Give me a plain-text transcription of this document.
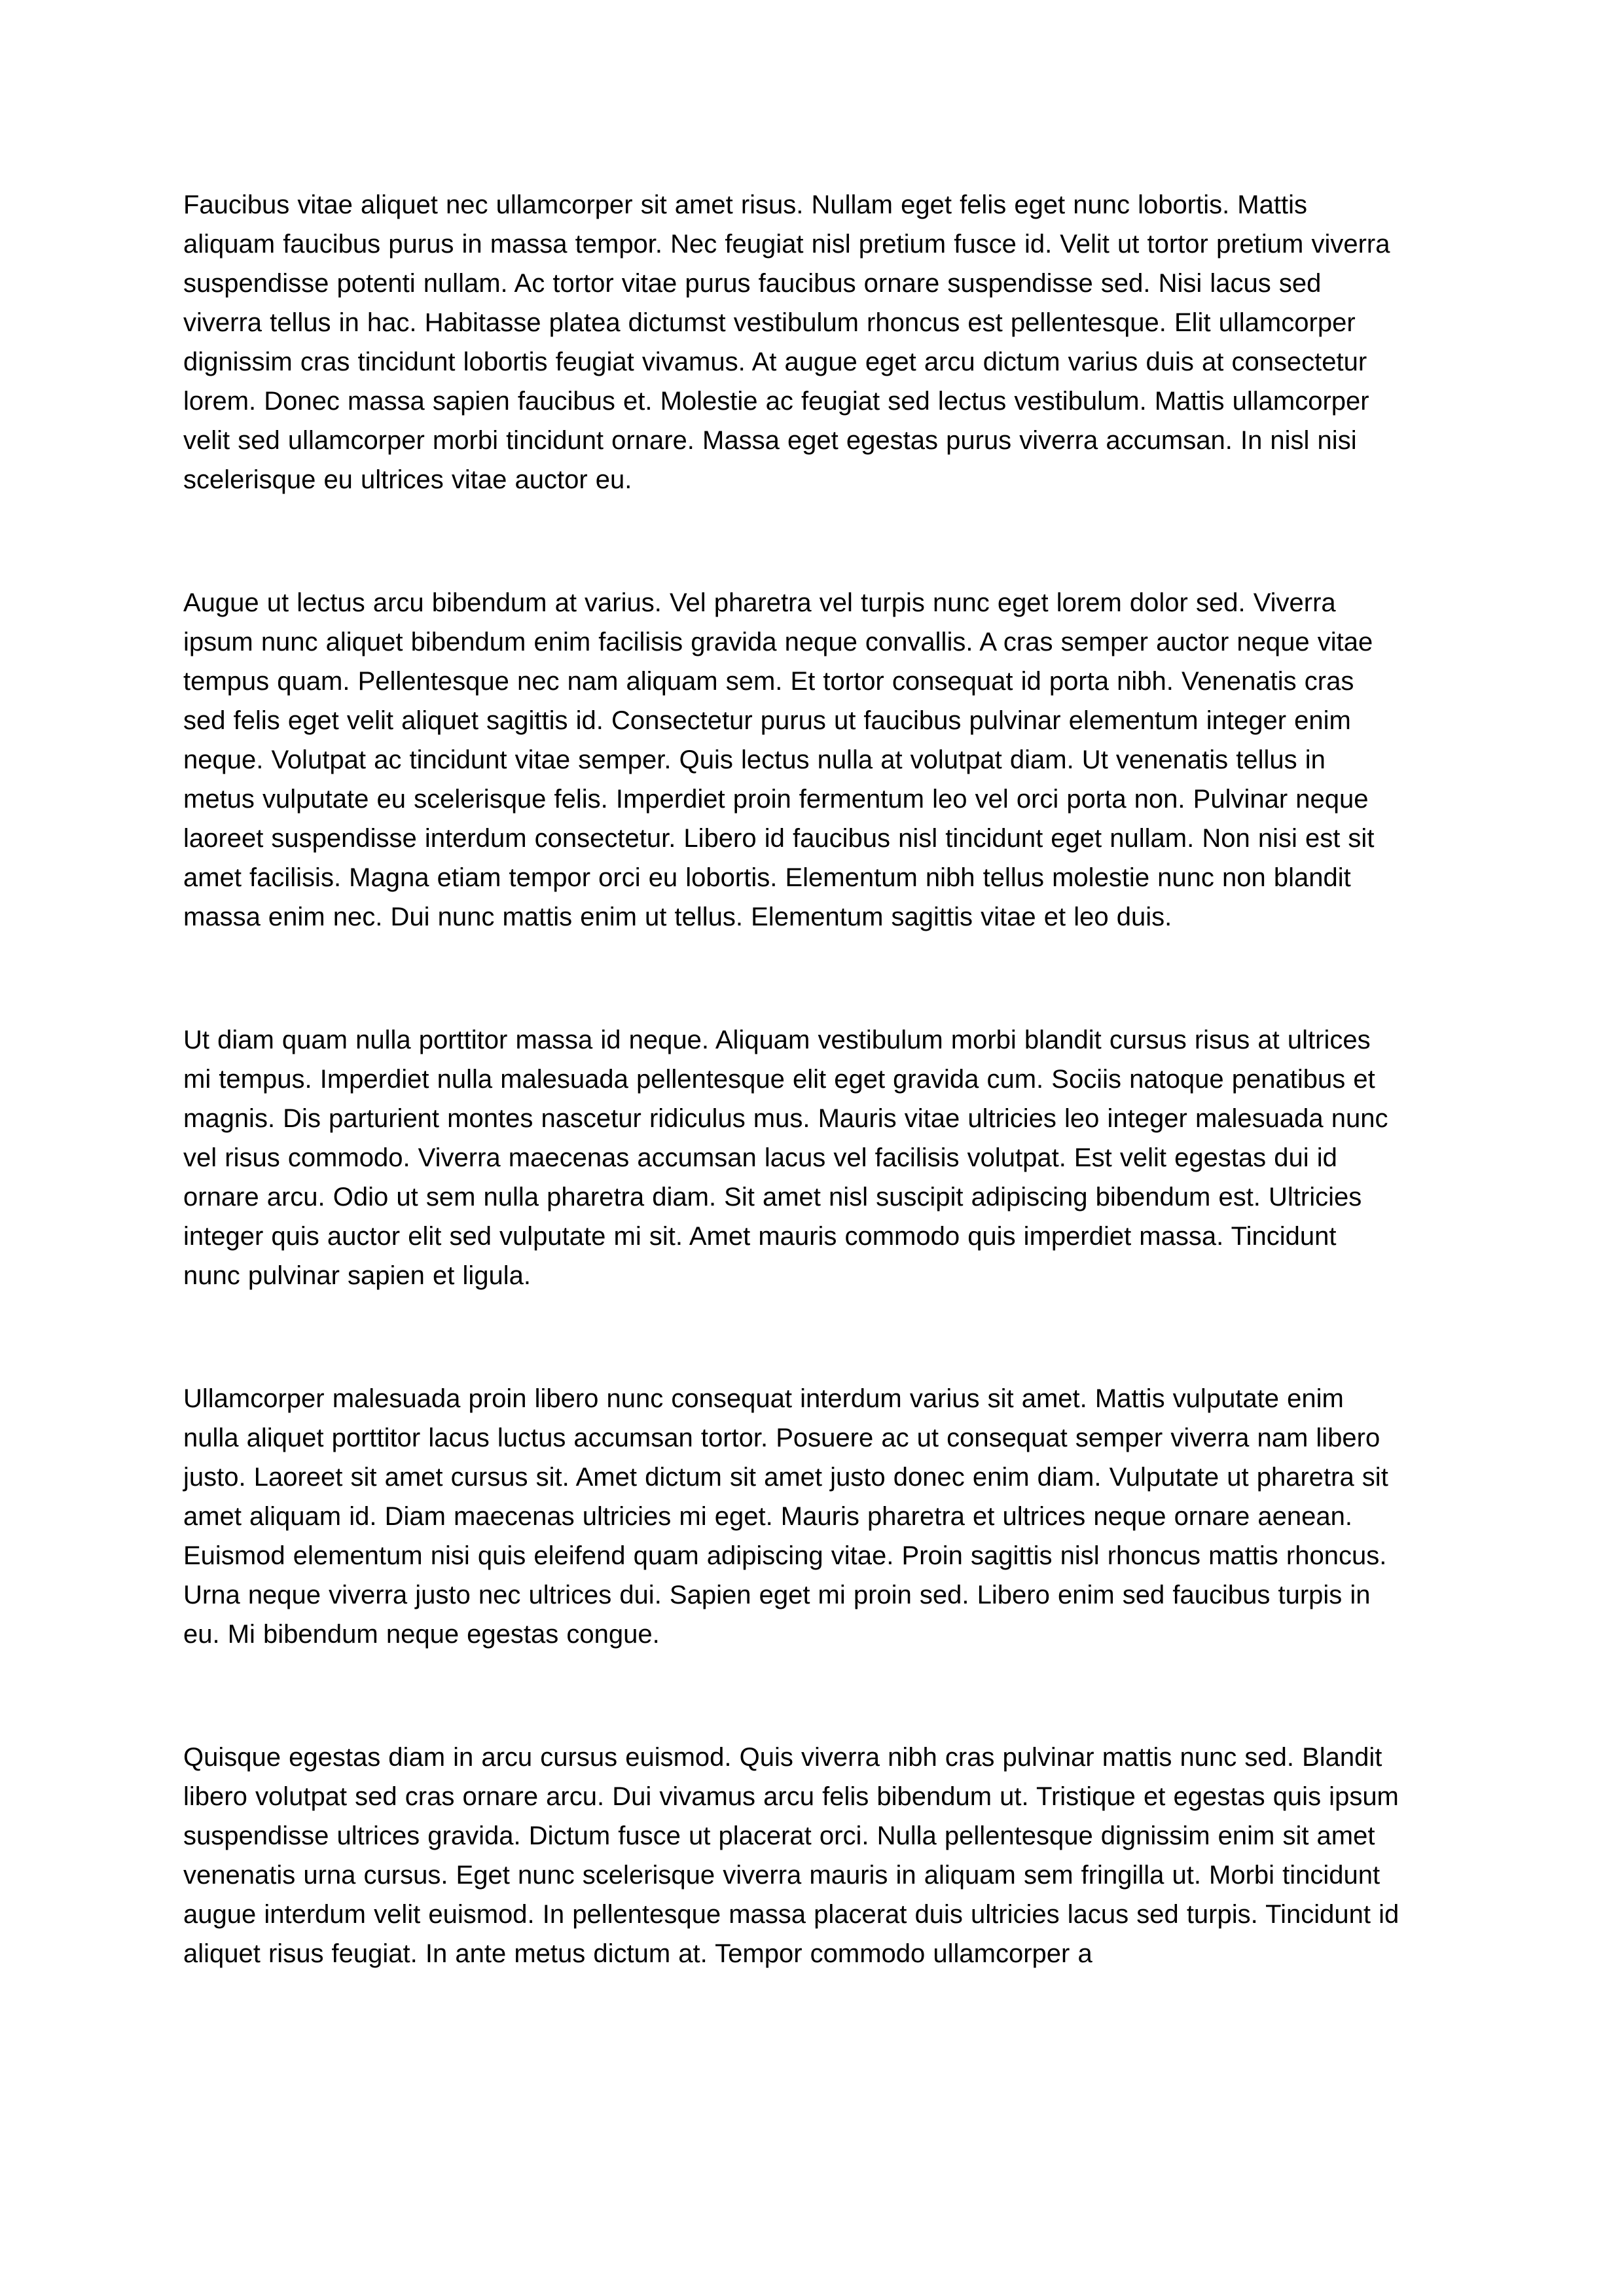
Faucibus vitae aliquet nec ullamcorper sit amet risus. Nullam eget felis eget nunc lobortis. Mattis aliquam faucibus purus in massa tempor. Nec feugiat nisl pretium fusce id. Velit ut tortor pretium viverra suspendisse potenti nullam. Ac tortor vitae purus faucibus ornare suspendisse sed. Nisi lacus sed viverra tellus in hac. Habitasse platea dictumst vestibulum rhoncus est pellentesque. Elit ullamcorper dignissim cras tincidunt lobortis feugiat vivamus. At augue eget arcu dictum varius duis at consectetur lorem. Donec massa sapien faucibus et. Molestie ac feugiat sed lectus vestibulum. Mattis ullamcorper velit sed ullamcorper morbi tincidunt ornare. Massa eget egestas purus viverra accumsan. In nisl nisi scelerisque eu ultrices vitae auctor eu.

Augue ut lectus arcu bibendum at varius. Vel pharetra vel turpis nunc eget lorem dolor sed. Viverra ipsum nunc aliquet bibendum enim facilisis gravida neque convallis. A cras semper auctor neque vitae tempus quam. Pellentesque nec nam aliquam sem. Et tortor consequat id porta nibh. Venenatis cras sed felis eget velit aliquet sagittis id. Consectetur purus ut faucibus pulvinar elementum integer enim neque. Volutpat ac tincidunt vitae semper. Quis lectus nulla at volutpat diam. Ut venenatis tellus in metus vulputate eu scelerisque felis. Imperdiet proin fermentum leo vel orci porta non. Pulvinar neque laoreet suspendisse interdum consectetur. Libero id faucibus nisl tincidunt eget nullam. Non nisi est sit amet facilisis. Magna etiam tempor orci eu lobortis. Elementum nibh tellus molestie nunc non blandit massa enim nec. Dui nunc mattis enim ut tellus. Elementum sagittis vitae et leo duis.

Ut diam quam nulla porttitor massa id neque. Aliquam vestibulum morbi blandit cursus risus at ultrices mi tempus. Imperdiet nulla malesuada pellentesque elit eget gravida cum. Sociis natoque penatibus et magnis. Dis parturient montes nascetur ridiculus mus. Mauris vitae ultricies leo integer malesuada nunc vel risus commodo. Viverra maecenas accumsan lacus vel facilisis volutpat. Est velit egestas dui id ornare arcu. Odio ut sem nulla pharetra diam. Sit amet nisl suscipit adipiscing bibendum est. Ultricies integer quis auctor elit sed vulputate mi sit. Amet mauris commodo quis imperdiet massa. Tincidunt nunc pulvinar sapien et ligula.

Ullamcorper malesuada proin libero nunc consequat interdum varius sit amet. Mattis vulputate enim nulla aliquet porttitor lacus luctus accumsan tortor. Posuere ac ut consequat semper viverra nam libero justo. Laoreet sit amet cursus sit. Amet dictum sit amet justo donec enim diam. Vulputate ut pharetra sit amet aliquam id. Diam maecenas ultricies mi eget. Mauris pharetra et ultrices neque ornare aenean. Euismod elementum nisi quis eleifend quam adipiscing vitae. Proin sagittis nisl rhoncus mattis rhoncus. Urna neque viverra justo nec ultrices dui. Sapien eget mi proin sed. Libero enim sed faucibus turpis in eu. Mi bibendum neque egestas congue.

Quisque egestas diam in arcu cursus euismod. Quis viverra nibh cras pulvinar mattis nunc sed. Blandit libero volutpat sed cras ornare arcu. Dui vivamus arcu felis bibendum ut. Tristique et egestas quis ipsum suspendisse ultrices gravida. Dictum fusce ut placerat orci. Nulla pellentesque dignissim enim sit amet venenatis urna cursus. Eget nunc scelerisque viverra mauris in aliquam sem fringilla ut. Morbi tincidunt augue interdum velit euismod. In pellentesque massa placerat duis ultricies lacus sed turpis. Tincidunt id aliquet risus feugiat. In ante metus dictum at. Tempor commodo ullamcorper a
